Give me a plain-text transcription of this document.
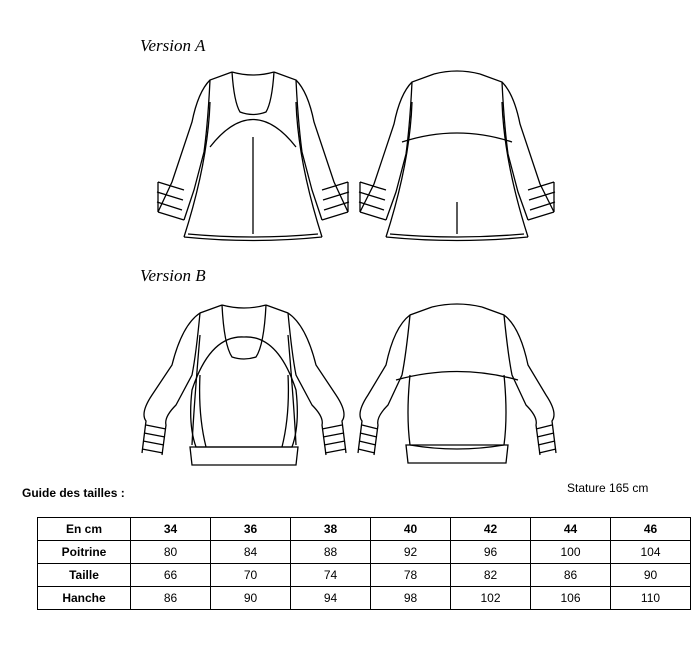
Version A
Version B
Guide des tailles :	Stature 165 cm
En cm	34	36	38	40	42	44	46
Poitrine	80	84	88	92	96	100	104
Taille	66	70	74	78	82	86	90
Hanche	86	90	94	98	102	106	110
